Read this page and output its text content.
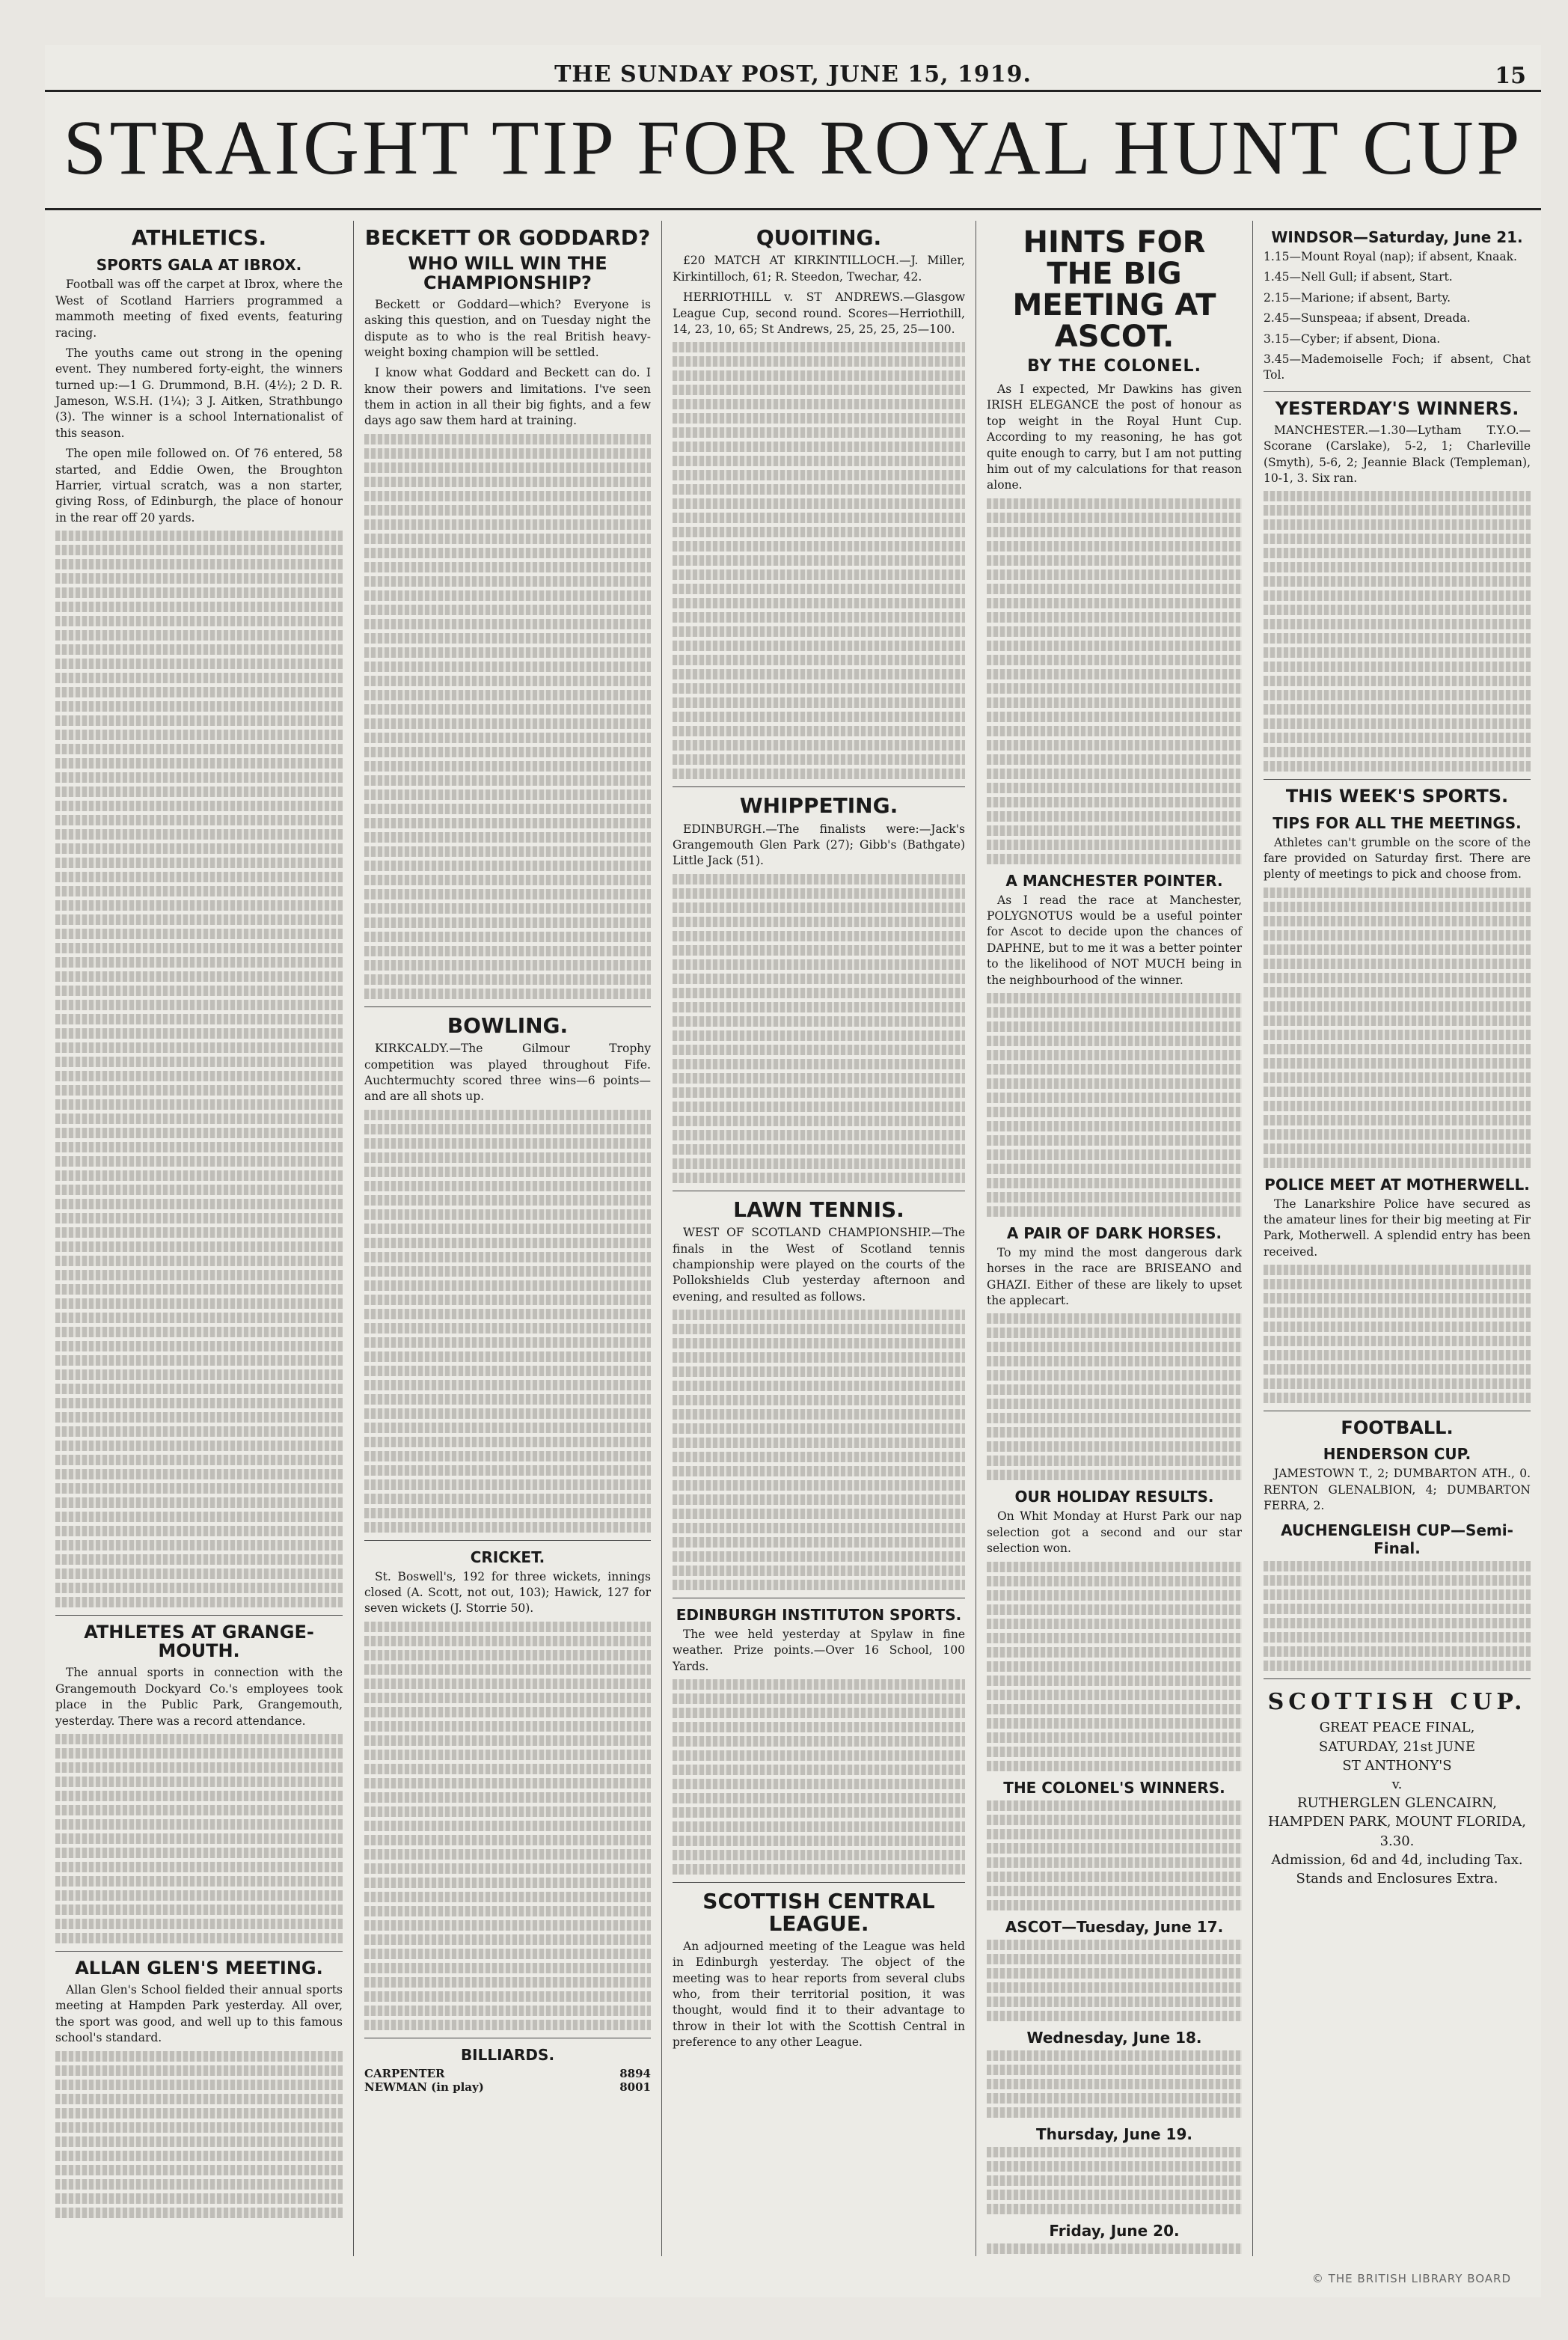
THE SUNDAY POST, JUNE 15, 1919.	15
STRAIGHT TIP FOR ROYAL HUNT CUP
ATHLETICS.
SPORTS GALA AT IBROX.

Football was off the carpet at Ibrox, where the West of Scotland Harriers programmed a mammoth meeting of fixed events, featuring racing.

The youths came out strong in the opening event. They numbered forty-eight, the winners turned up:—1 G. Drummond, B.H. (4½); 2 D. R. Jameson, W.S.H. (1¼); 3 J. Aitken, Strathbungo (3). The winner is a school Internationalist of this season.

The open mile followed on. Of 76 entered, 58 started, and Eddie Owen, the Broughton Harrier, virtual scratch, was a non starter, giving Ross, of Edinburgh, the place of honour in the rear off 20 yards.

ATHLETES AT GRANGE-MOUTH.

The annual sports in connection with the Grangemouth Dockyard Co.'s employees took place in the Public Park, Grangemouth, yesterday. There was a record attendance.

ALLAN GLEN'S MEETING.

Allan Glen's School fielded their annual sports meeting at Hampden Park yesterday. All over, the sport was good, and well up to this famous school's standard.

BECKETT OR GODDARD?
WHO WILL WIN THE CHAMPIONSHIP?

Beckett or Goddard—which? Everyone is asking this question, and on Tuesday night the dispute as to who is the real British heavy-weight boxing champion will be settled.

I know what Goddard and Beckett can do. I know their powers and limitations. I've seen them in action in all their big fights, and a few days ago saw them hard at training.

BOWLING.

KIRKCALDY.—The Gilmour Trophy competition was played throughout Fife. Auchtermuchty scored three wins—6 points—and are all shots up.

CRICKET.

St. Boswell's, 192 for three wickets, innings closed (A. Scott, not out, 103); Hawick, 127 for seven wickets (J. Storrie 50).

BILLIARDS.
CARPENTER	8894
NEWMAN (in play)	8001
QUOITING.

£20 MATCH AT KIRKINTILLOCH.—J. Miller, Kirkintilloch, 61; R. Steedon, Twechar, 42.

HERRIOTHILL v. ST ANDREWS.—Glasgow League Cup, second round. Scores—Herriothill, 14, 23, 10, 65; St Andrews, 25, 25, 25, 25—100.

WHIPPETING.

EDINBURGH.—The finalists were:—Jack's Grangemouth Glen Park (27); Gibb's (Bathgate) Little Jack (51).

LAWN TENNIS.

WEST OF SCOTLAND CHAMPIONSHIP.—The finals in the West of Scotland tennis championship were played on the courts of the Pollokshields Club yesterday afternoon and evening, and resulted as follows.

EDINBURGH INSTITUTON SPORTS.

The wee held yesterday at Spylaw in fine weather. Prize points.—Over 16 School, 100 Yards.

SCOTTISH CENTRAL LEAGUE.

An adjourned meeting of the League was held in Edinburgh yesterday. The object of the meeting was to hear reports from several clubs who, from their territorial position, it was thought, would find it to their advantage to throw in their lot with the Scottish Central in preference to any other League.

HINTS FOR THE BIG MEETING AT ASCOT.
BY THE COLONEL.

As I expected, Mr Dawkins has given IRISH ELEGANCE the post of honour as top weight in the Royal Hunt Cup. According to my reasoning, he has got quite enough to carry, but I am not putting him out of my calculations for that reason alone.

A MANCHESTER POINTER.

As I read the race at Manchester, POLYGNOTUS would be a useful pointer for Ascot to decide upon the chances of DAPHNE, but to me it was a better pointer to the likelihood of NOT MUCH being in the neighbourhood of the winner.

A PAIR OF DARK HORSES.

To my mind the most dangerous dark horses in the race are BRISEANO and GHAZI. Either of these are likely to upset the applecart.

OUR HOLIDAY RESULTS.

On Whit Monday at Hurst Park our nap selection got a second and our star selection won.

THE COLONEL'S WINNERS.
ASCOT—Tuesday, June 17.
Wednesday, June 18.
Thursday, June 19.
Friday, June 20.
WINDSOR—Saturday, June 21.

1.15—Mount Royal (nap); if absent, Knaak.

1.45—Nell Gull; if absent, Start.

2.15—Marione; if absent, Barty.

2.45—Sunspeaa; if absent, Dreada.

3.15—Cyber; if absent, Diona.

3.45—Mademoiselle Foch; if absent, Chat Tol.

YESTERDAY'S WINNERS.

MANCHESTER.—1.30—Lytham T.Y.O.—Scorane (Carslake), 5-2, 1; Charleville (Smyth), 5-6, 2; Jeannie Black (Templeman), 10-1, 3. Six ran.

THIS WEEK'S SPORTS.
TIPS FOR ALL THE MEETINGS.

Athletes can't grumble on the score of the fare provided on Saturday first. There are plenty of meetings to pick and choose from.

POLICE MEET AT MOTHERWELL.

The Lanarkshire Police have secured as the amateur lines for their big meeting at Fir Park, Motherwell. A splendid entry has been received.

FOOTBALL.
HENDERSON CUP.

JAMESTOWN T., 2; DUMBARTON ATH., 0. RENTON GLENALBION, 4; DUMBARTON FERRA, 2.

AUCHENGLEISH CUP—Semi-Final.
SCOTTISH CUP.
GREAT PEACE FINAL,
SATURDAY, 21st JUNE
ST ANTHONY'S
v.
RUTHERGLEN GLENCAIRN,
HAMPDEN PARK, MOUNT FLORIDA, 3.30.
Admission, 6d and 4d, including Tax. Stands and Enclosures Extra.
© THE BRITISH LIBRARY BOARD
